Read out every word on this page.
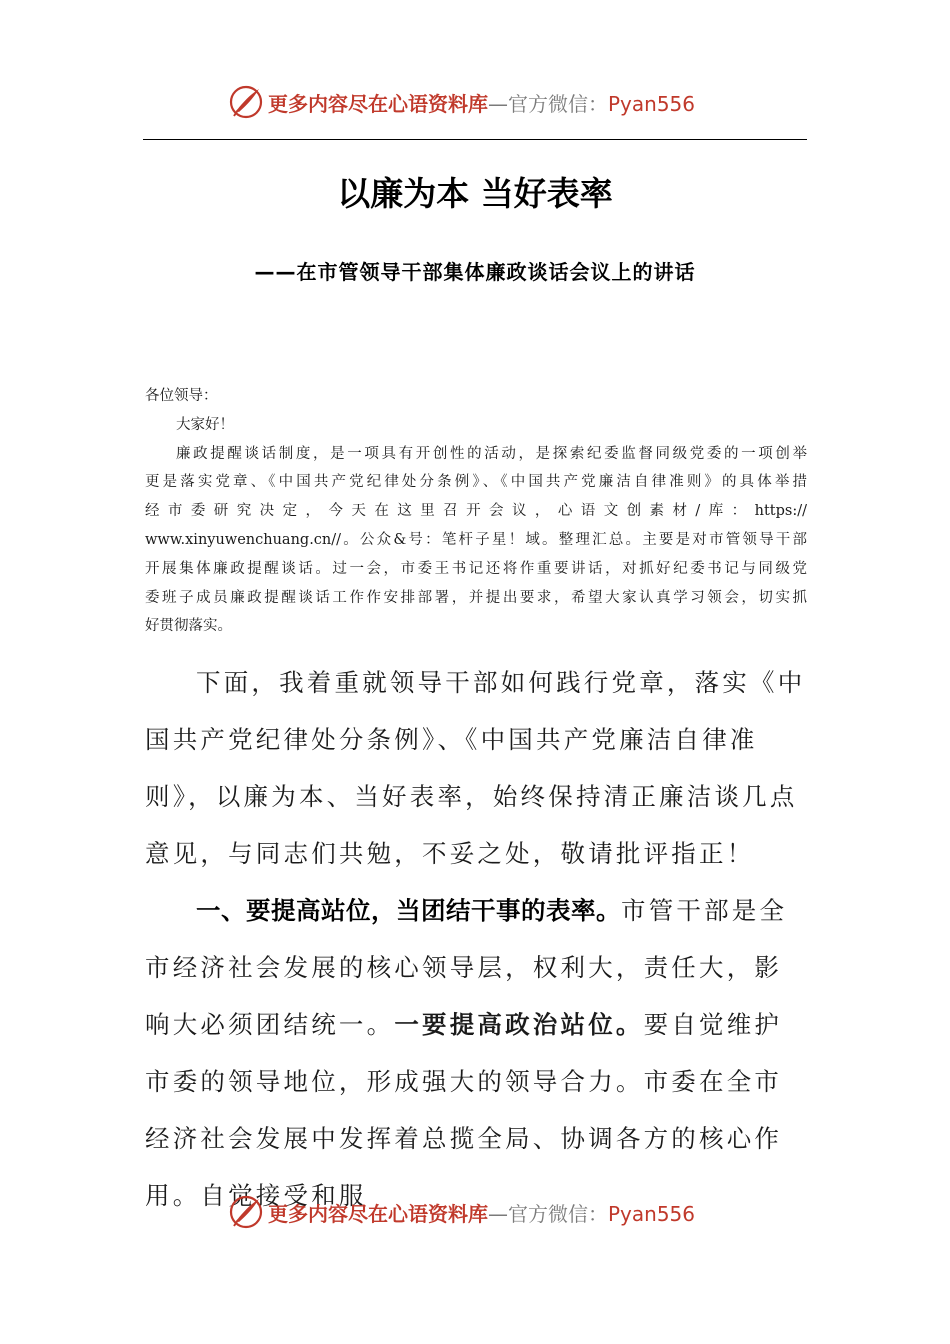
更多内容尽在心语资料库—官方微信：Pyan556
以廉为本 当好表率
——在市管领导干部集体廉政谈话会议上的讲话

各位领导：

大家好！

廉政提醒谈话制度，是一项具有开创性的活动，是探索纪委监督同级党委的一项创举

更是落实党章、《中国共产党纪律处分条例》、《中国共产党廉洁自律准则》的具体举措

经市委研究决定，今天在这里召开会议，心语文创素材/库：https://

www.xinyuwenchuang.cn//。公众&号：笔杆子星！域。整理汇总。主要是对市管领导干部

开展集体廉政提醒谈话。过一会，市委王书记还将作重要讲话，对抓好纪委书记与同级党

委班子成员廉政提醒谈话工作作安排部署，并提出要求，希望大家认真学习领会，切实抓

好贯彻落实。

下面，我着重就领导干部如何践行党章，落实《中国共产党纪律处分条例》、《中国共产党廉洁自律准则》，以廉为本、当好表率，始终保持清正廉洁谈几点意见，与同志们共勉，不妥之处，敬请批评指正！

一、要提高站位，当团结干事的表率。市管干部是全市经济社会发展的核心领导层，权利大，责任大，影响大必须团结统一。一要提高政治站位。要自觉维护市委的领导地位，形成强大的领导合力。市委在全市经济社会发展中发挥着总揽全局、协调各方的核心作用。自觉接受和服

更多内容尽在心语资料库—官方微信：Pyan556
